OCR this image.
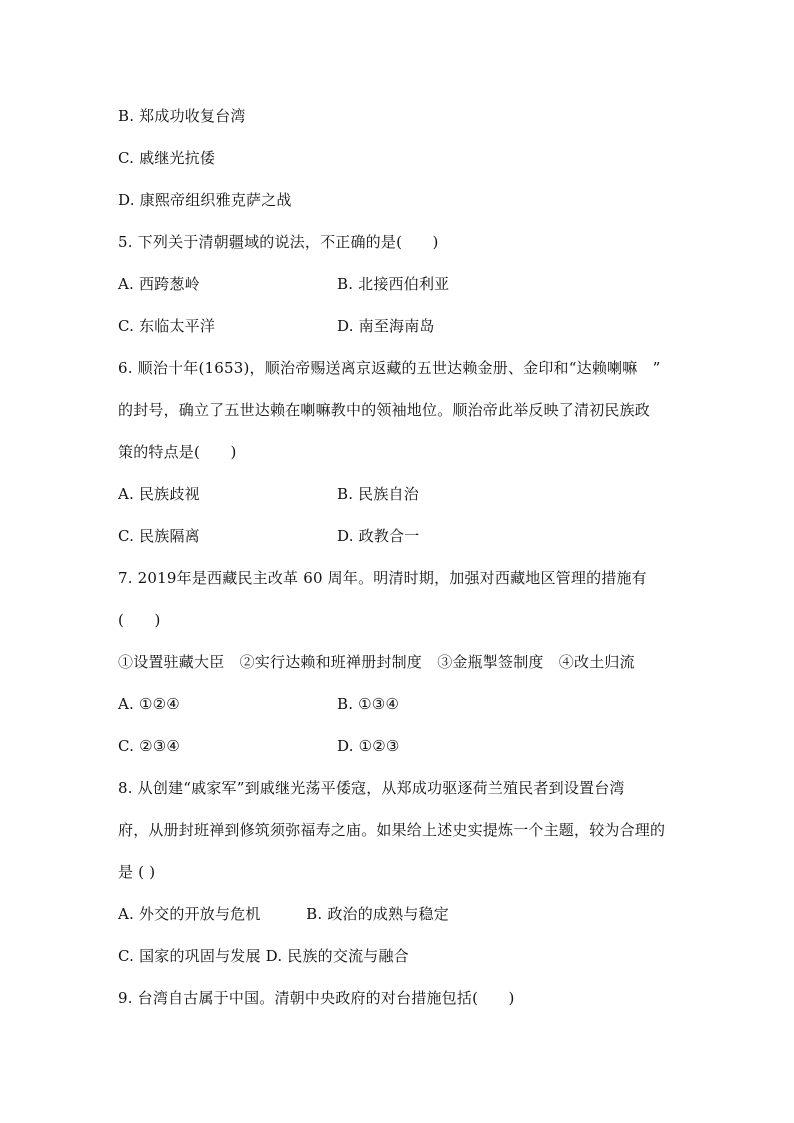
B. 郑成功收复台湾
C. 戚继光抗倭
D. 康熙帝组织雅克萨之战
5. 下列关于清朝疆域的说法，不正确的是(　　)
A. 西跨葱岭	B. 北接西伯利亚
C. 东临太平洋	D. 南至海南岛
6. 顺治十年(1653)，顺治帝赐送离京返藏的五世达赖金册、金印和“达赖喇嘛　”
的封号，确立了五世达赖在喇嘛教中的领袖地位。顺治帝此举反映了清初民族政
策的特点是(　　)
A. 民族歧视	B. 民族自治
C. 民族隔离	D. 政教合一
7. 2019年是西藏民主改革 60 周年。明清时期，加强对西藏地区管理的措施有
(　　)
①设置驻藏大臣　②实行达赖和班禅册封制度　③金瓶掣签制度　④改土归流
A. ①②④	B. ①③④
C. ②③④	D. ①②③
8. 从创建“戚家军”到戚继光荡平倭寇，从郑成功驱逐荷兰殖民者到设置台湾
府，从册封班禅到修筑须弥福寿之庙。如果给上述史实提炼一个主题，较为合理的
是 ( )
A. 外交的开放与危机　　　B. 政治的成熟与稳定
C. 国家的巩固与发展 D. 民族的交流与融合
9. 台湾自古属于中国。清朝中央政府的对台措施包括(　　)
